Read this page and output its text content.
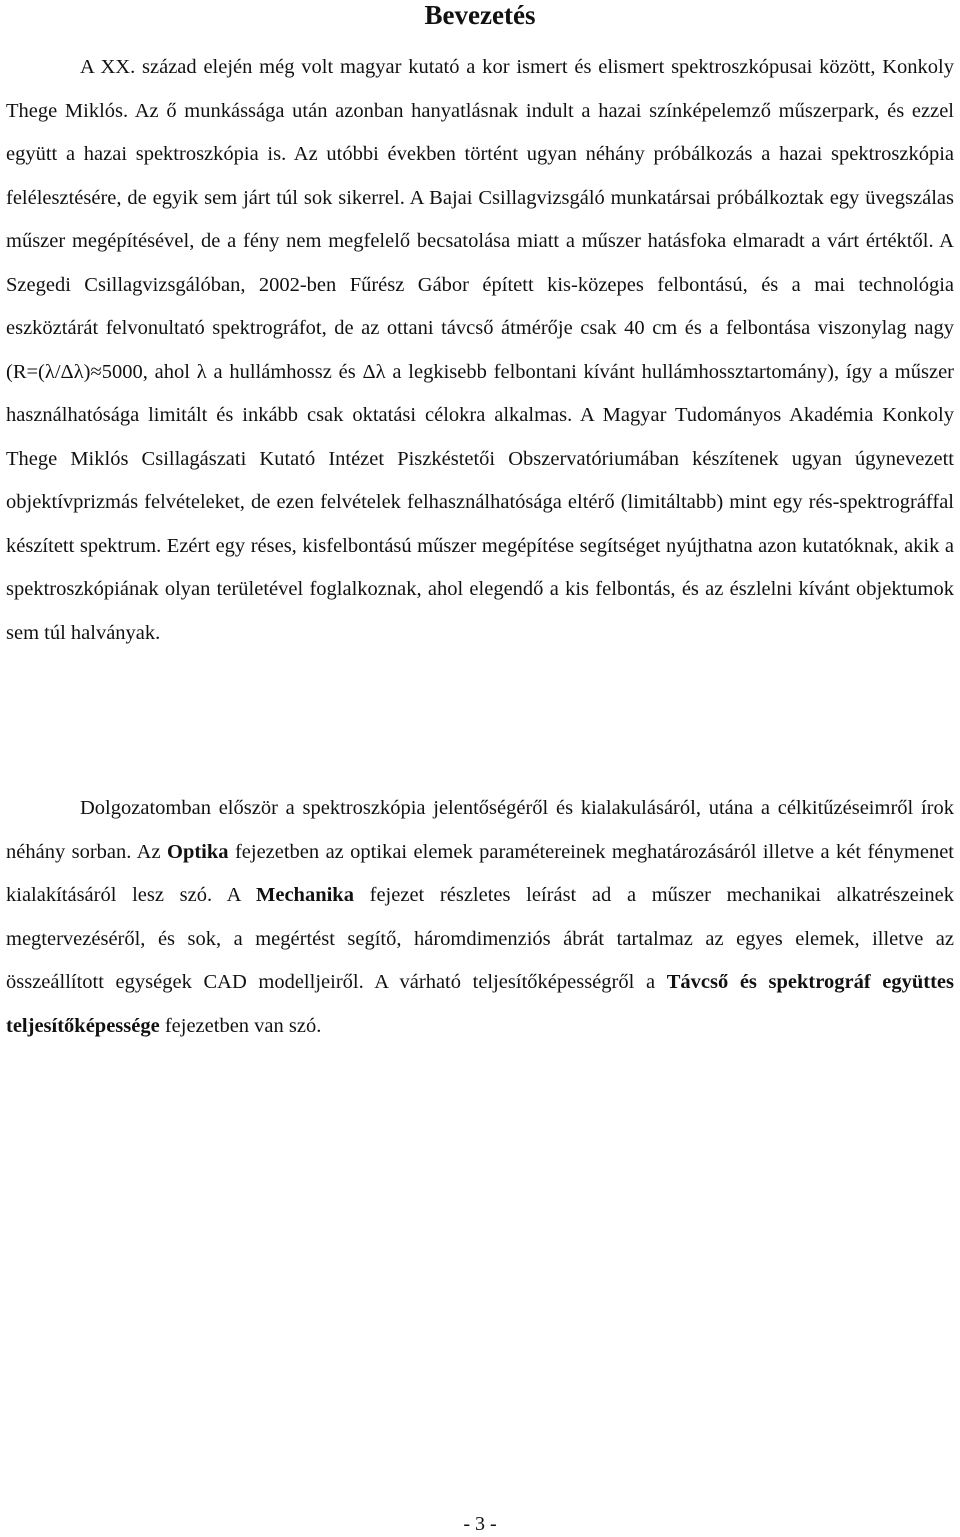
Bevezetés

A XX. század elején még volt magyar kutató a kor ismert és elismert spektroszkópusai között, Konkoly Thege Miklós. Az ő munkássága után azonban hanyatlásnak indult a hazai színképelemző műszerpark, és ezzel együtt a hazai spektroszkópia is. Az utóbbi években történt ugyan néhány próbálkozás a hazai spektroszkópia felélesztésére, de egyik sem járt túl sok sikerrel. A Bajai Csillagvizsgáló munkatársai próbálkoztak egy üvegszálas műszer megépítésével, de a fény nem megfelelő becsatolása miatt a műszer hatásfoka elmaradt a várt értéktől. A Szegedi Csillagvizsgálóban, 2002-ben Fűrész Gábor épített kis-közepes felbontású, és a mai technológia eszköztárát felvonultató spektrográfot, de az ottani távcső átmérője csak 40 cm és a felbontása viszonylag nagy (R=(λ/Δλ)≈5000, ahol λ a hullámhossz és Δλ a legkisebb felbontani kívánt hullámhossztartomány), így a műszer használhatósága limitált és inkább csak oktatási célokra alkalmas. A Magyar Tudományos Akadémia Konkoly Thege Miklós Csillagászati Kutató Intézet Piszkéstetői Obszervatóriumában készítenek ugyan úgynevezett objektívprizmás felvételeket, de ezen felvételek felhasználhatósága eltérő (limitáltabb) mint egy rés-spektrográffal készített spektrum. Ezért egy réses, kisfelbontású műszer megépítése segítséget nyújthatna azon kutatóknak, akik a spektroszkópiának olyan területével foglalkoznak, ahol elegendő a kis felbontás, és az észlelni kívánt objektumok sem túl halványak.

Dolgozatomban először a spektroszkópia jelentőségéről és kialakulásáról, utána a célkitűzéseimről írok néhány sorban. Az Optika fejezetben az optikai elemek paramétereinek meghatározásáról illetve a két fénymenet kialakításáról lesz szó. A Mechanika fejezet részletes leírást ad a műszer mechanikai alkatrészeinek megtervezéséről, és sok, a megértést segítő, háromdimenziós ábrát tartalmaz az egyes elemek, illetve az összeállított egységek CAD modelljeiről. A várható teljesítőképességről a Távcső és spektrográf együttes teljesítőképessége fejezetben van szó.

- 3 -
